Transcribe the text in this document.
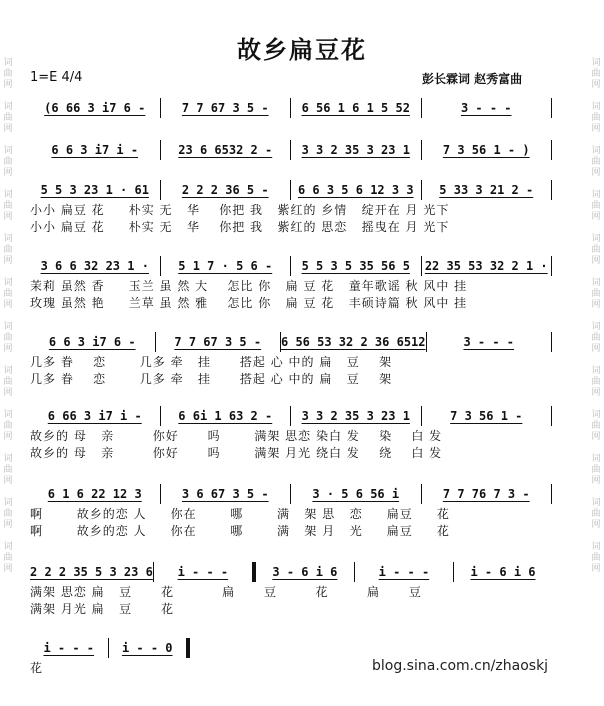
词
曲
网

词
曲
网

词
曲
网

词
曲
网

词
曲
网

词
曲
网

词
曲
网

词
曲
网

词
曲
网

词
曲
网

词
曲
网

词
曲
网

词
曲
网

词
曲
网

词
曲
网

词
曲
网

词
曲
网

词
曲
网

词
曲
网

词
曲
网

词
曲
网

词
曲
网

词
曲
网

词
曲
网

故乡扁豆花
1=E 4/4	彭长霖词 赵秀富曲
(6 66 3 i7 6 -	7 7 67 3 5 -	6 56 1 6 1 5 52	3 - - -
6 6 3 i7 i -	23 6 6532 2 -	3 3 2 35 3 23 1	7 3 56 1 - )
5 5 3 23 1 · 61	2 2 2 36 5 -	6 6 3 5 6 12 3 3	5 33 3 21 2 -
小小 扁豆 花     朴实 无   华    你把 我   紫红的 乡情   绽开在 月 光下
小小 扁豆 花     朴实 无   华    你把 我   紫红的 思恋   摇曳在 月 光下
3 6 6 32 23 1 ·	5 1 7 · 5 6 -	5 5 3 5 35 56 5	22 35 53 32 2 1 ·
茉莉 虽然 香     玉兰 虽 然 大    怎比 你   扁 豆 花   童年歌谣 秋 风中 挂
玫瑰 虽然 艳     兰草 虽 然 雅    怎比 你   扁 豆 花   丰硕诗篇 秋 风中 挂
6 6 3 i7 6 -	7 7 67 3 5 -	6 56 53 32 2 36 6512	3 - - -
几多 眷    恋       几多 牵   挂      搭起 心 中的 扁   豆    架
几多 眷    恋       几多 牵   挂      搭起 心 中的 扁   豆    架
6 66 3 i7 i -	6 6i 1 63 2 -	3 3 2 35 3 23 1	7 3 56 1 -
故乡的 母   亲        你好      吗       满架 思恋 染白 发    染    白 发
故乡的 母   亲        你好      吗       满架 月光 绕白 发    绕    白 发
6 1 6 22 12 3	3 6 67 3 5 -	3 · 5 6 56 i	7 7 76 7 3 -
啊       故乡的恋 人     你在       哪       满   架 思   恋     扁豆     花
啊       故乡的恋 人     你在       哪       满   架 月   光     扁豆     花
2 2 2 35 5 3 23 6	i - - -	3 - 6 i 6	i - - -	i - 6 i 6
满架 思恋 扁   豆      花          扁      豆        花        扁      豆
满架 月光 扁   豆      花
i - - -	i - - 0
花	blog.sina.com.cn/zhaoskj
